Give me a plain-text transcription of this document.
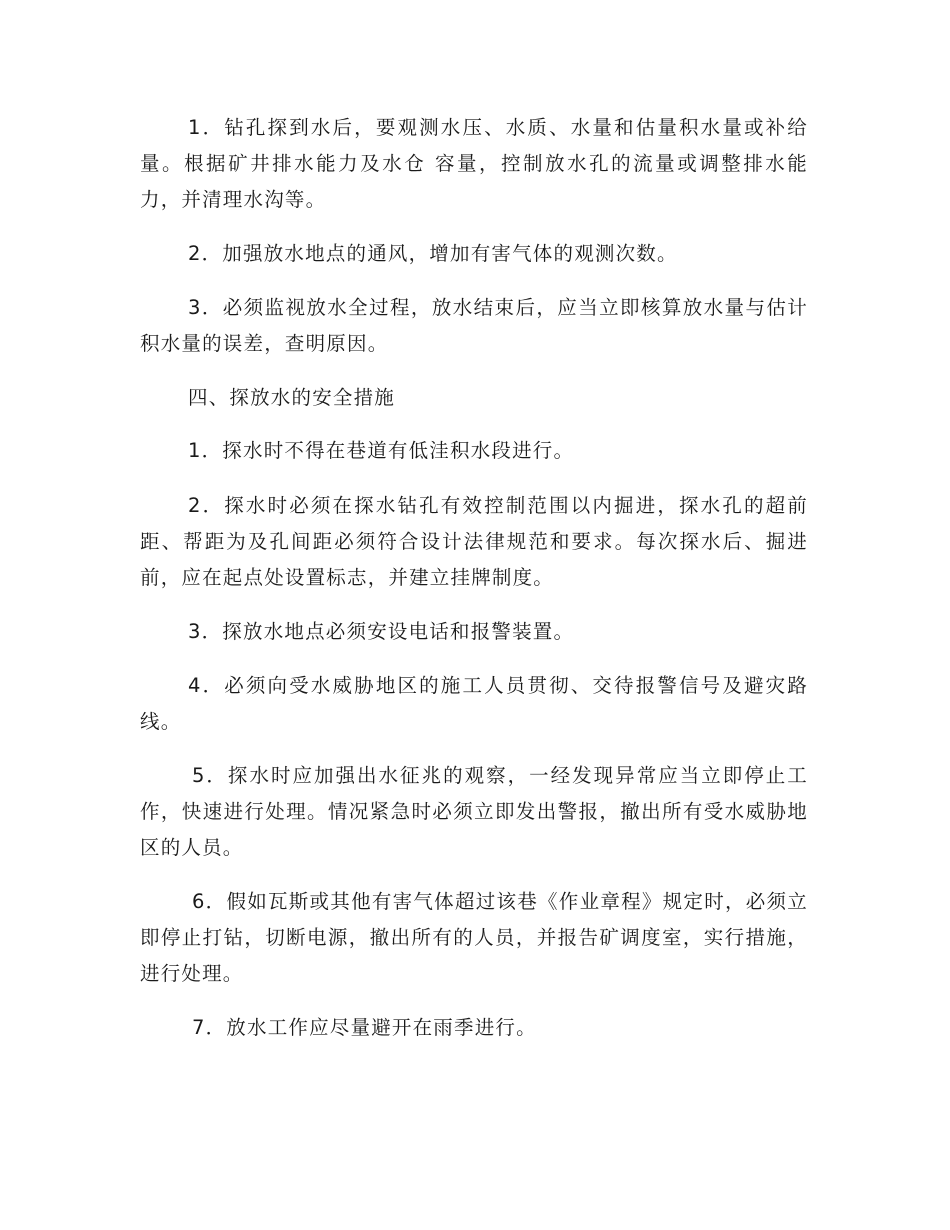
1．钻孔探到水后，要观测水压、水质、水量和估量积水量或补给量。根据矿井排水能力及水仓 容量，控制放水孔的流量或调整排水能力，并清理水沟等。

2．加强放水地点的通风，增加有害气体的观测次数。

3．必须监视放水全过程，放水结束后，应当立即核算放水量与估计积水量的误差，查明原因。

四、探放水的安全措施

1．探水时不得在巷道有低洼积水段进行。

2．探水时必须在探水钻孔有效控制范围以内掘进，探水孔的超前距、帮距为及孔间距必须符合设计法律规范和要求。每次探水后、掘进前，应在起点处设置标志，并建立挂牌制度。

3．探放水地点必须安设电话和报警装置。

4．必须向受水威胁地区的施工人员贯彻、交待报警信号及避灾路线。

5．探水时应加强出水征兆的观察，一经发现异常应当立即停止工作，快速进行处理。情况紧急时必须立即发出警报，撤出所有受水威胁地区的人员。

6．假如瓦斯或其他有害气体超过该巷《作业章程》规定时，必须立即停止打钻，切断电源，撤出所有的人员，并报告矿调度室，实行措施，进行处理。

7．放水工作应尽量避开在雨季进行。
